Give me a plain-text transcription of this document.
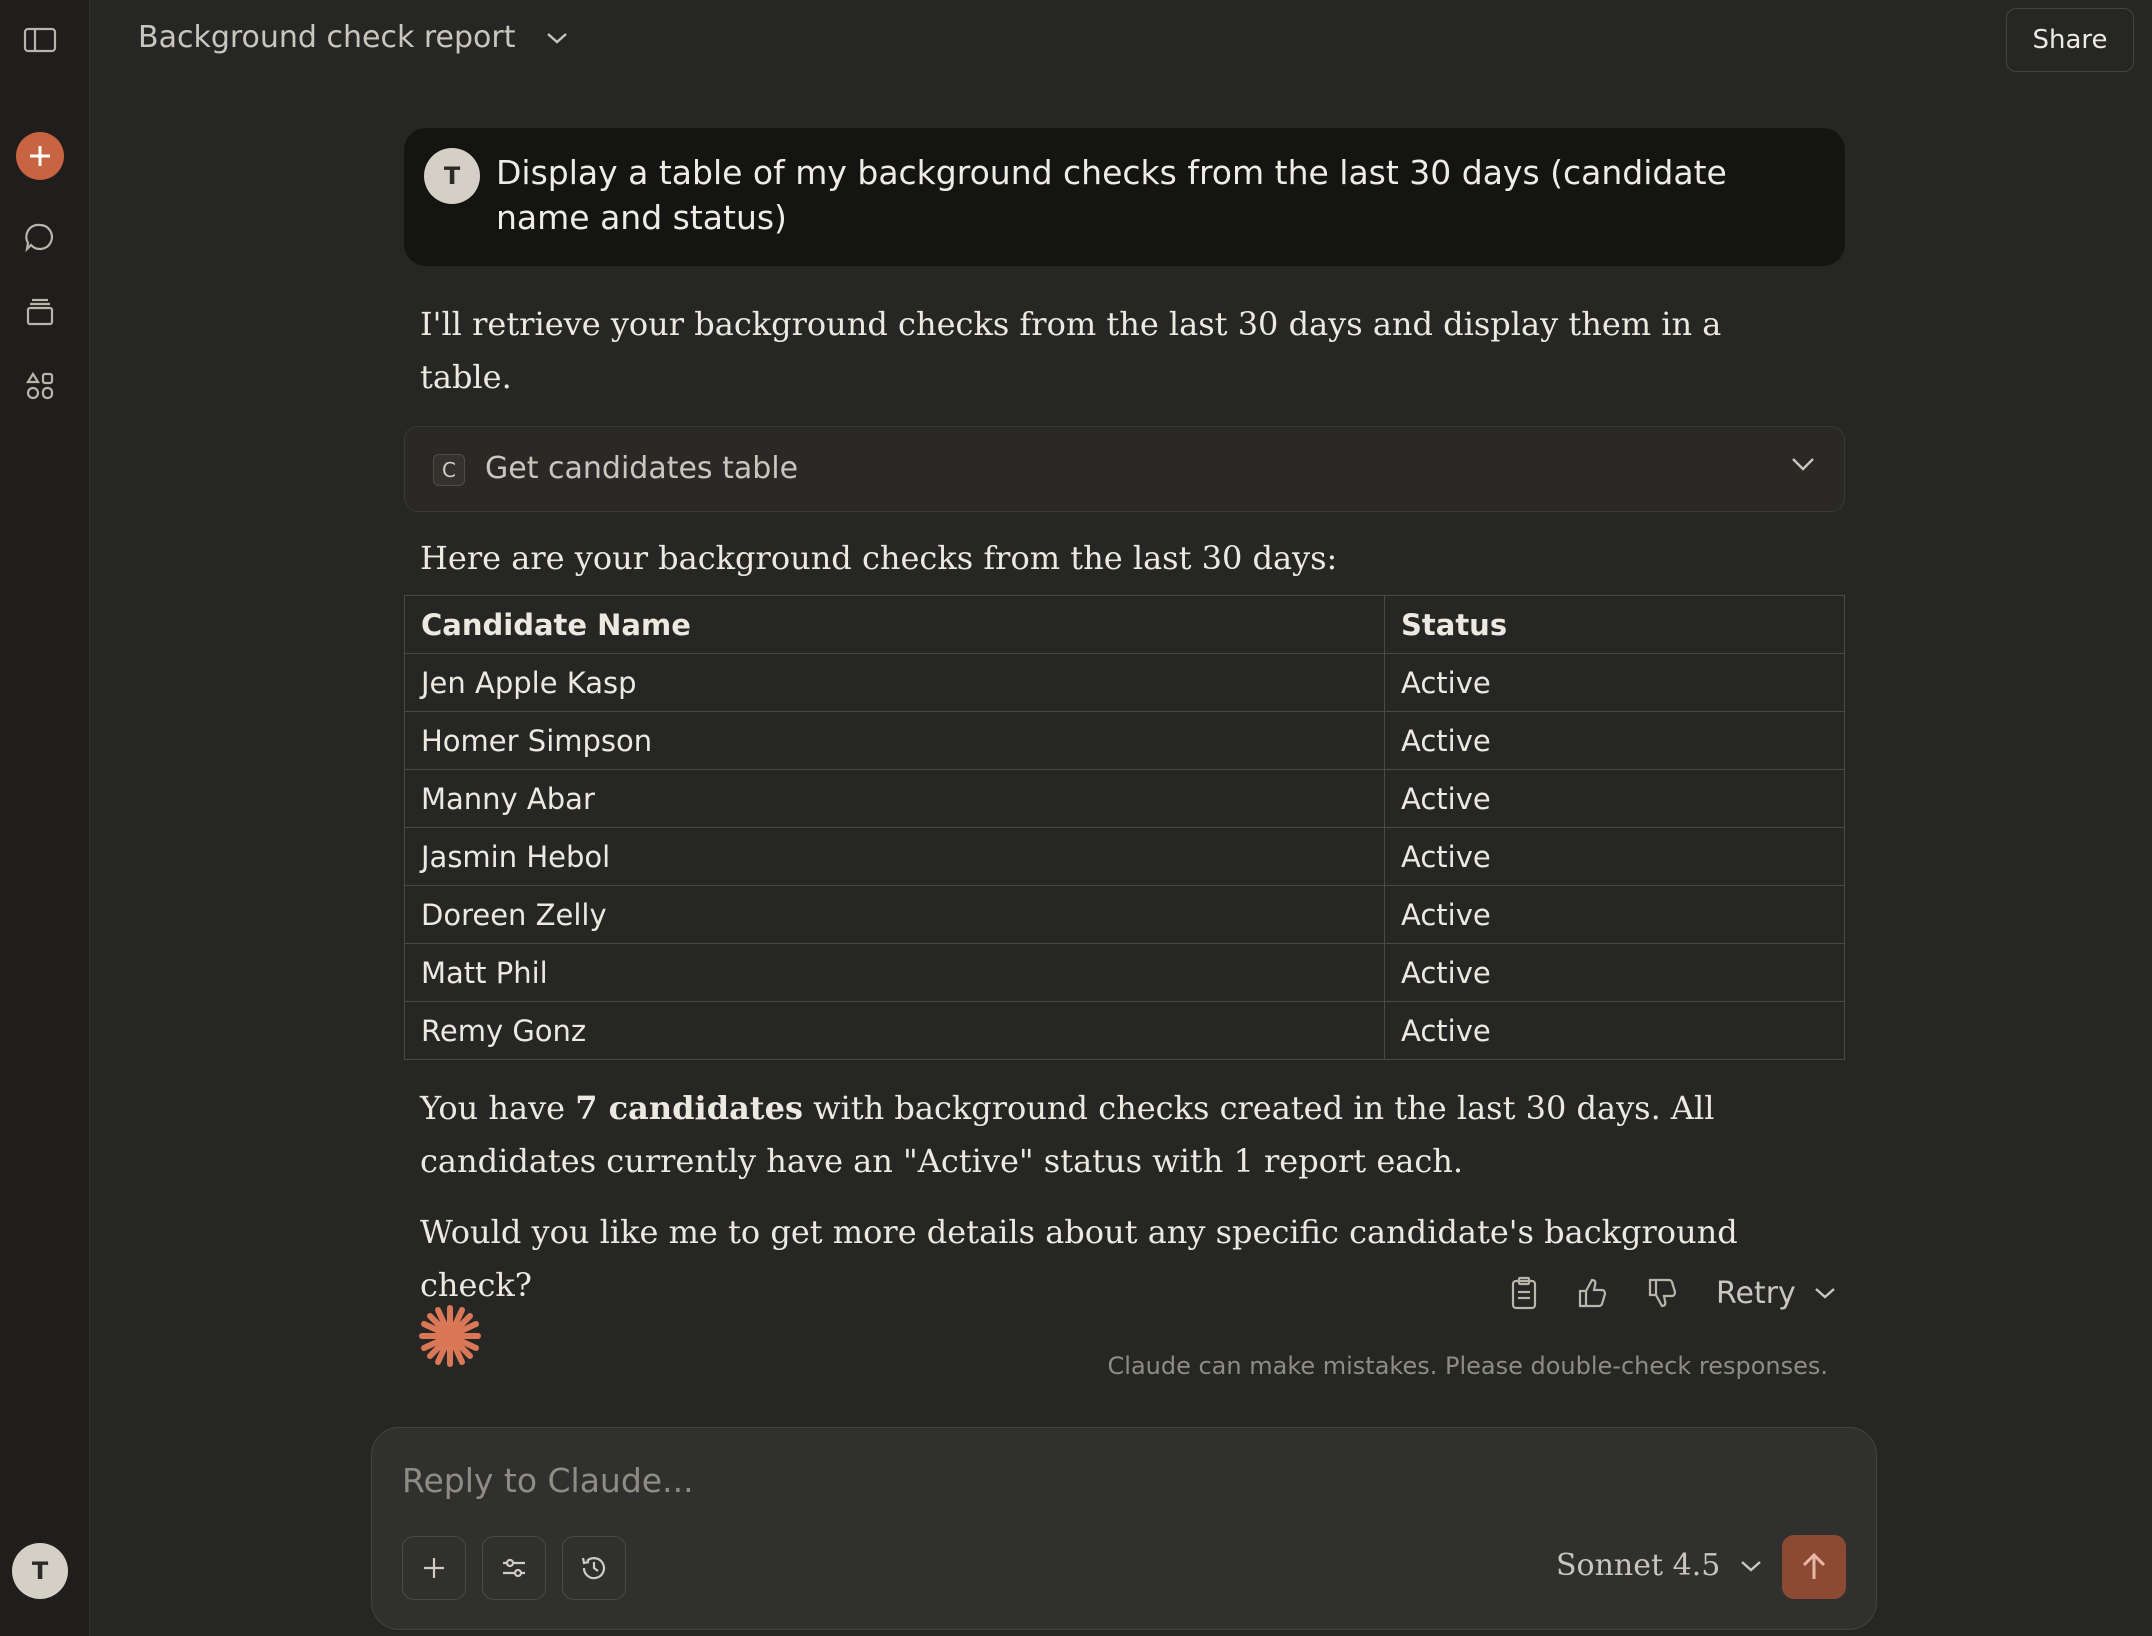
T
Background check report	Share
T Display a table of my background checks from the last 30 days (candidate name and status)

I'll retrieve your background checks from the last 30 days and display them in a table.

C Get candidates table

Here are your background checks from the last 30 days:

Candidate Name	Status
Jen Apple Kasp	Active
Homer Simpson	Active
Manny Abar	Active
Jasmin Hebol	Active
Doreen Zelly	Active
Matt Phil	Active
Remy Gonz	Active

You have 7 candidates with background checks created in the last 30 days. All candidates currently have an "Active" status with 1 report each.

Would you like me to get more details about any specific candidate's background check?	Retry
Claude can make mistakes. Please double-check responses.
Reply to Claude...
Sonnet 4.5
